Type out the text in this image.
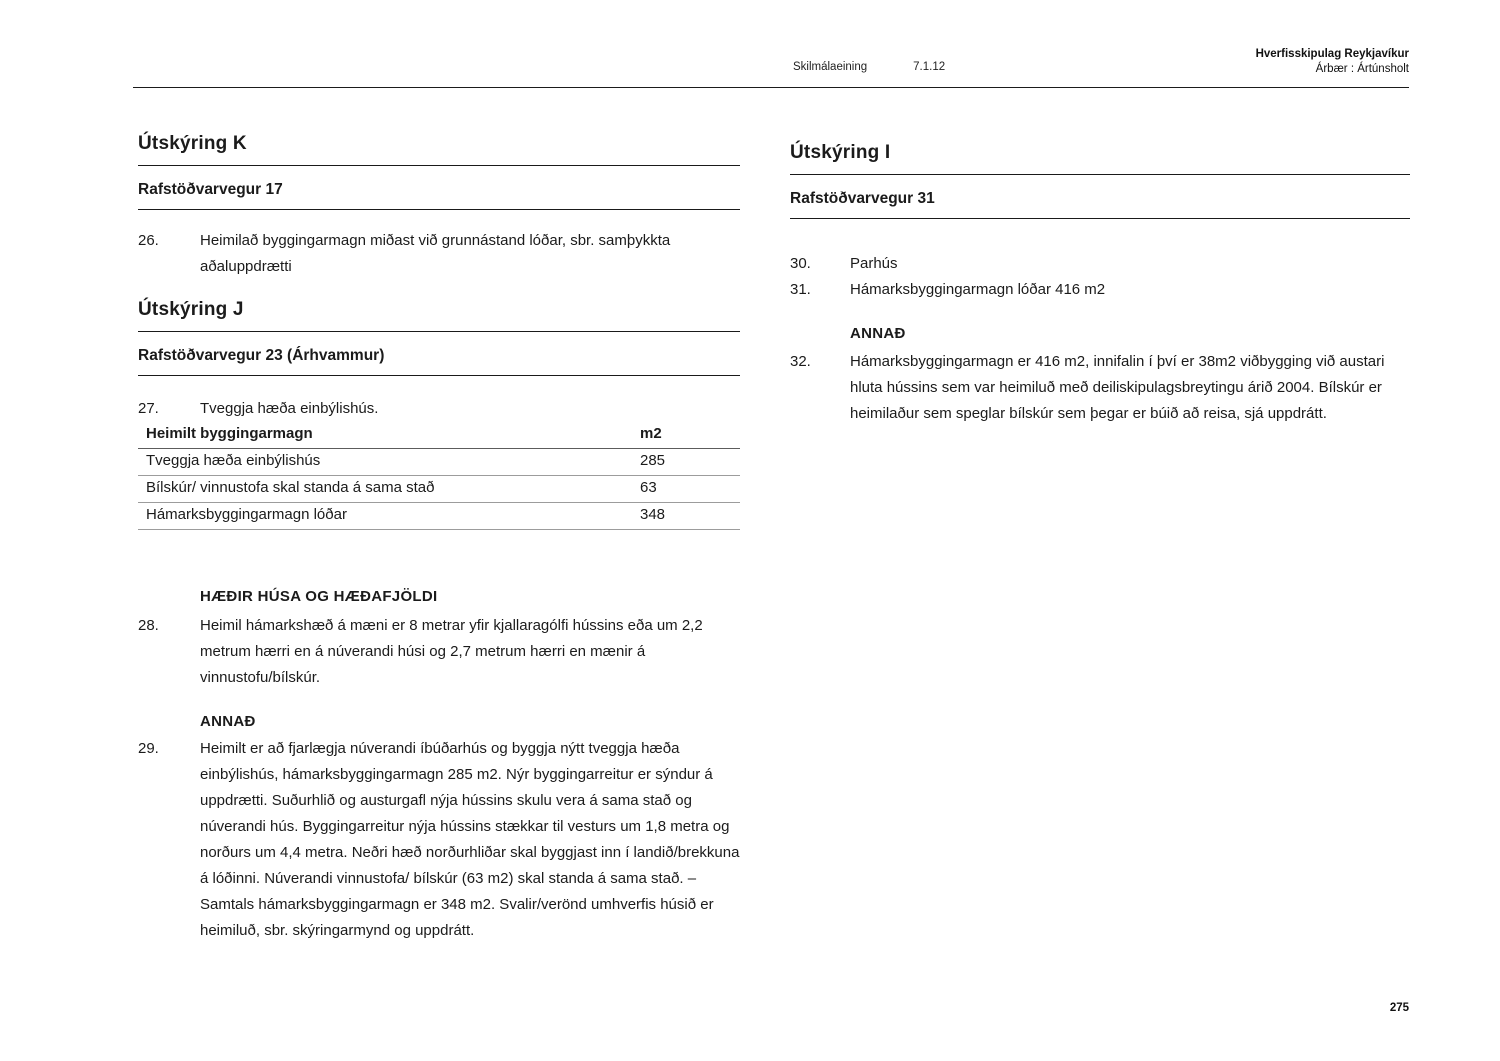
Skilmálaeining	7.1.12
Hverfisskipulag Reykjavíkur
Árbær : Ártúnsholt
Útskýring K
Rafstöðvarvegur 17
26.	Heimilað byggingarmagn miðast við grunnástand lóðar, sbr. samþykkta aðaluppdrætti
Útskýring J
Rafstöðvarvegur 23 (Árhvammur)
27.	Tveggja hæða einbýlishús.
Heimilt byggingarmagn	m2
Tveggja hæða einbýlishús	285
Bílskúr/ vinnustofa skal standa á sama stað	63
Hámarksbyggingarmagn lóðar	348
HÆÐIR HÚSA OG HÆÐAFJÖLDI
28.	Heimil hámarkshæð á mæni er 8 metrar yfir kjallaragólfi hússins eða um 2,2 metrum hærri en á núverandi húsi og 2,7 metrum hærri en mænir á vinnustofu/bílskúr.
ANNAÐ
29.	Heimilt er að fjarlægja núverandi íbúðarhús og byggja nýtt tveggja hæða einbýlishús, hámarksbyggingarmagn 285 m2. Nýr byggingarreitur er sýndur á uppdrætti. Suðurhlið og austurgafl nýja hússins skulu vera á sama stað og núverandi hús. Byggingarreitur nýja hússins stækkar til vesturs um 1,8 metra og norðurs um 4,4 metra. Neðri hæð norðurhliðar skal byggjast inn í landið/brekkuna á lóðinni. Núverandi vinnustofa/ bílskúr (63 m2) skal standa á sama stað. –Samtals hámarksbyggingarmagn er 348 m2. Svalir/verönd umhverfis húsið er heimiluð, sbr. skýringarmynd og uppdrátt.
Útskýring I
Rafstöðvarvegur 31
30.	Parhús
31.	Hámarksbyggingarmagn lóðar 416 m2
ANNAÐ
32.	Hámarksbyggingarmagn er 416 m2, innifalin í því er 38m2 viðbygging við austari hluta hússins sem var heimiluð með deiliskipulagsbreytingu árið 2004. Bílskúr er heimilaður sem speglar bílskúr sem þegar er búið að reisa, sjá uppdrátt.
275
